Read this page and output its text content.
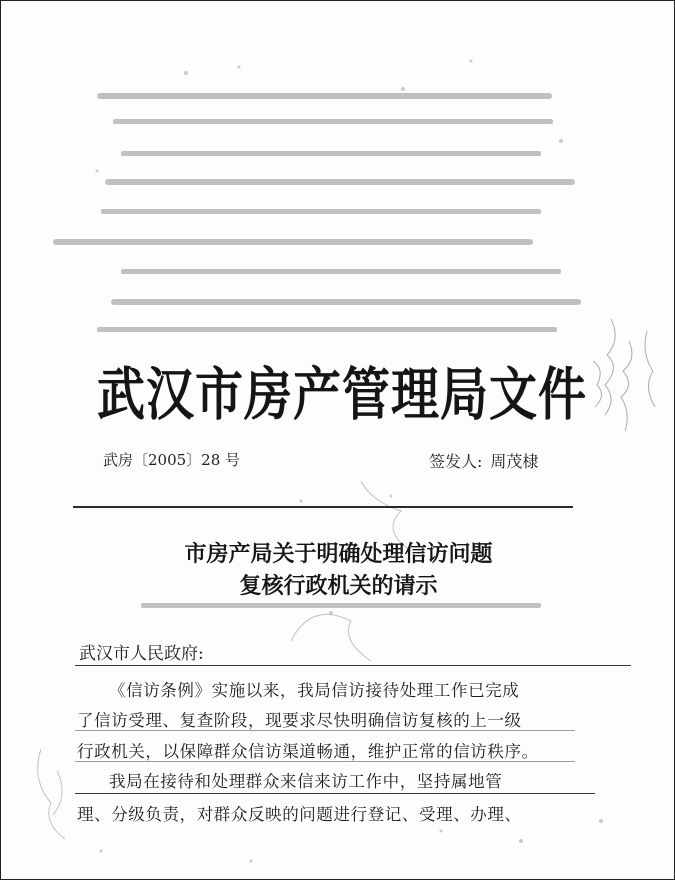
武汉市房产管理局文件
武房〔2005〕28 号	签发人: 周茂棣
市房产局关于明确处理信访问题
复核行政机关的请示
武汉市人民政府:
《信访条例》实施以来，我局信访接待处理工作已完成
了信访受理、复查阶段，现要求尽快明确信访复核的上一级
行政机关，以保障群众信访渠道畅通，维护正常的信访秩序。
我局在接待和处理群众来信来访工作中，坚持属地管
理、分级负责，对群众反映的问题进行登记、受理、办理、
